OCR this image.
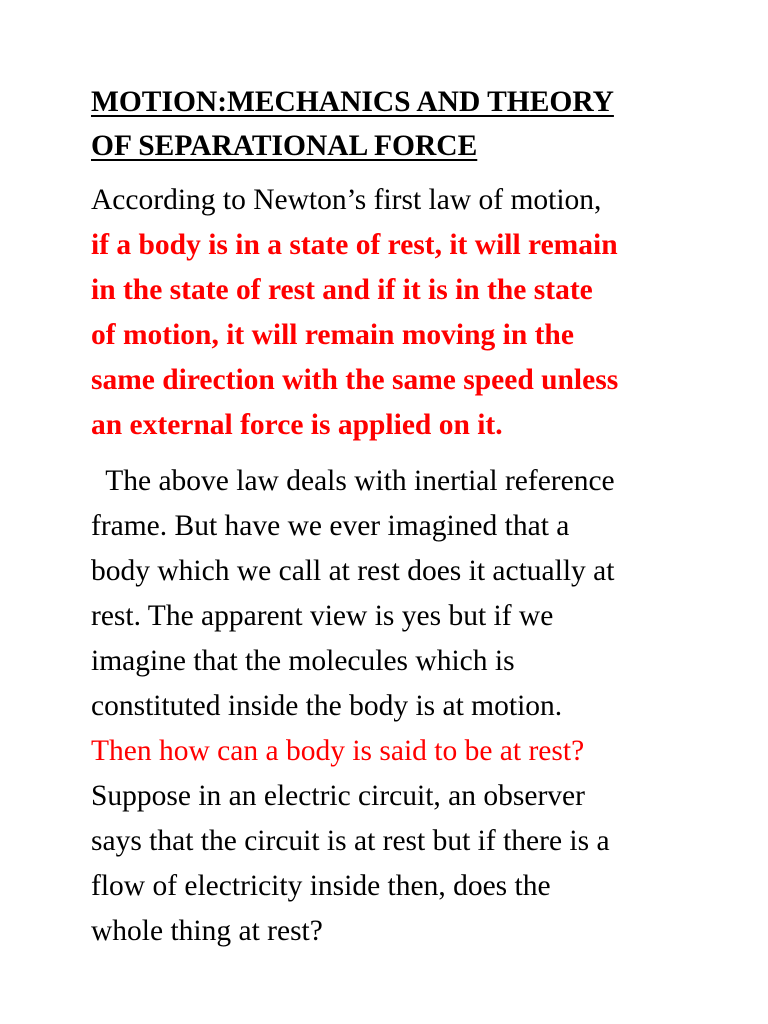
MOTION:MECHANICS AND THEORY
OF SEPARATIONAL FORCE

According to Newton’s first law of motion,
if a body is in a state of rest, it will remain
in the state of rest and if it is in the state
of motion, it will remain moving in the
same direction with the same speed unless
an external force is applied on it.

The above law deals with inertial reference
frame. But have we ever imagined that a
body which we call at rest does it actually at
rest. The apparent view is yes but if we
imagine that the molecules which is
constituted inside the body is at motion.
Then how can a body is said to be at rest?
Suppose in an electric circuit, an observer
says that the circuit is at rest but if there is a
flow of electricity inside then, does the
whole thing at rest?
